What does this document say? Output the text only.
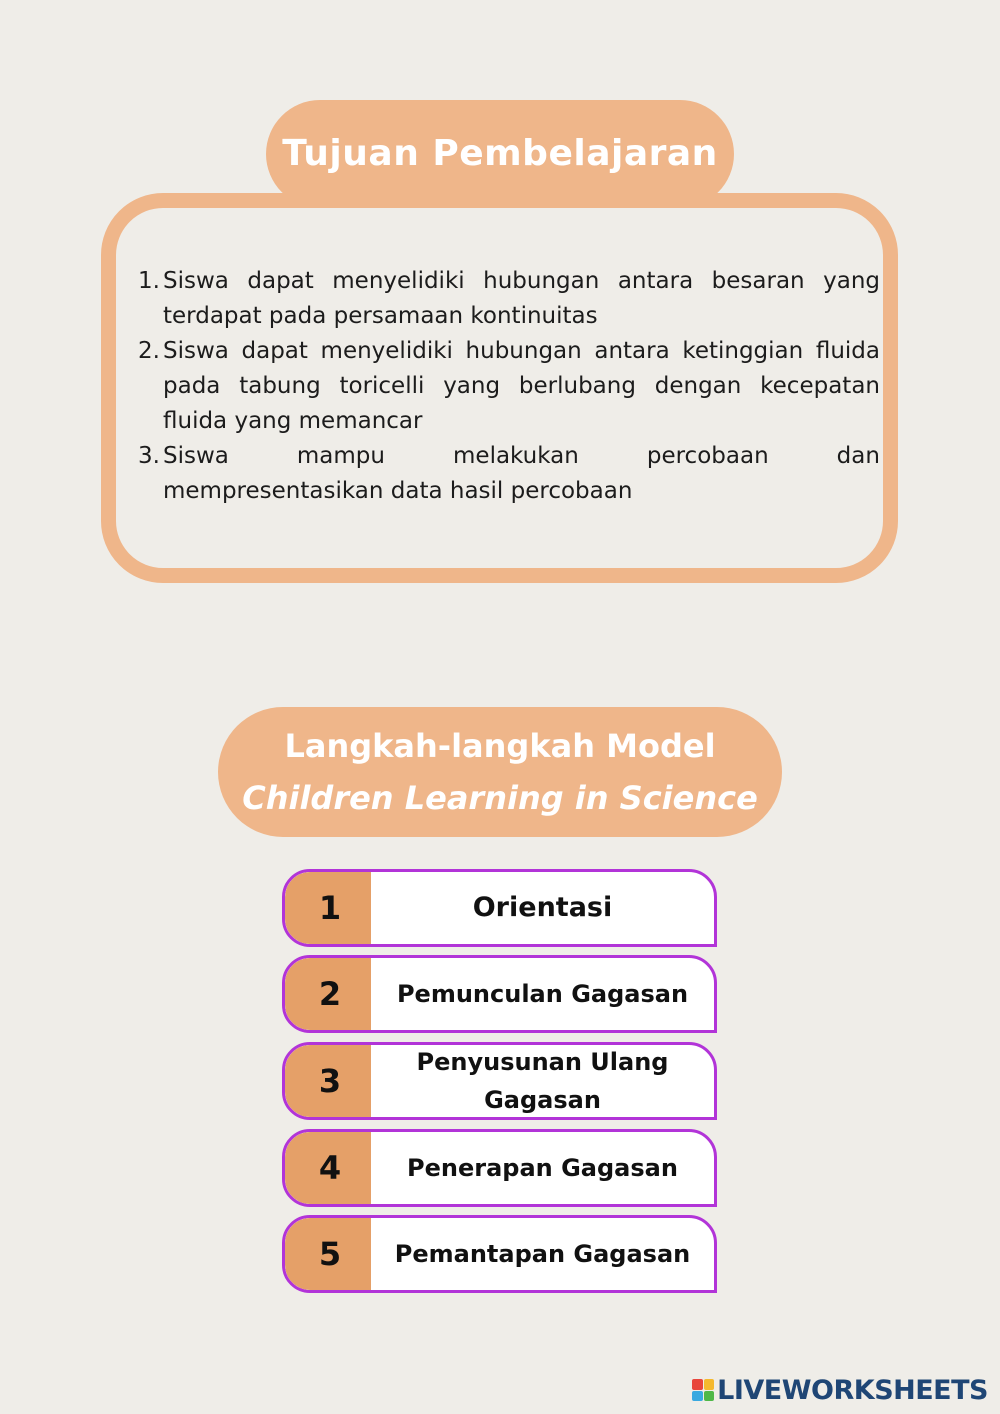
Tujuan Pembelajaran
1. Siswa dapat menyelidiki hubungan antara besaran yang terdapat pada persamaan kontinuitas
2. Siswa dapat menyelidiki hubungan antara ketinggian fluida pada tabung toricelli yang berlubang dengan kecepatan fluida yang memancar
3. Siswa	mampu	melakukan	percobaan	dan
mempresentasikan data hasil percobaan
Langkah-langkah Model
Children Learning in Science
1	Orientasi
2	Pemunculan Gagasan
3	Penyusunan Ulang Gagasan
4	Penerapan Gagasan
5	Pemantapan Gagasan
LIVEWORKSHEETS
